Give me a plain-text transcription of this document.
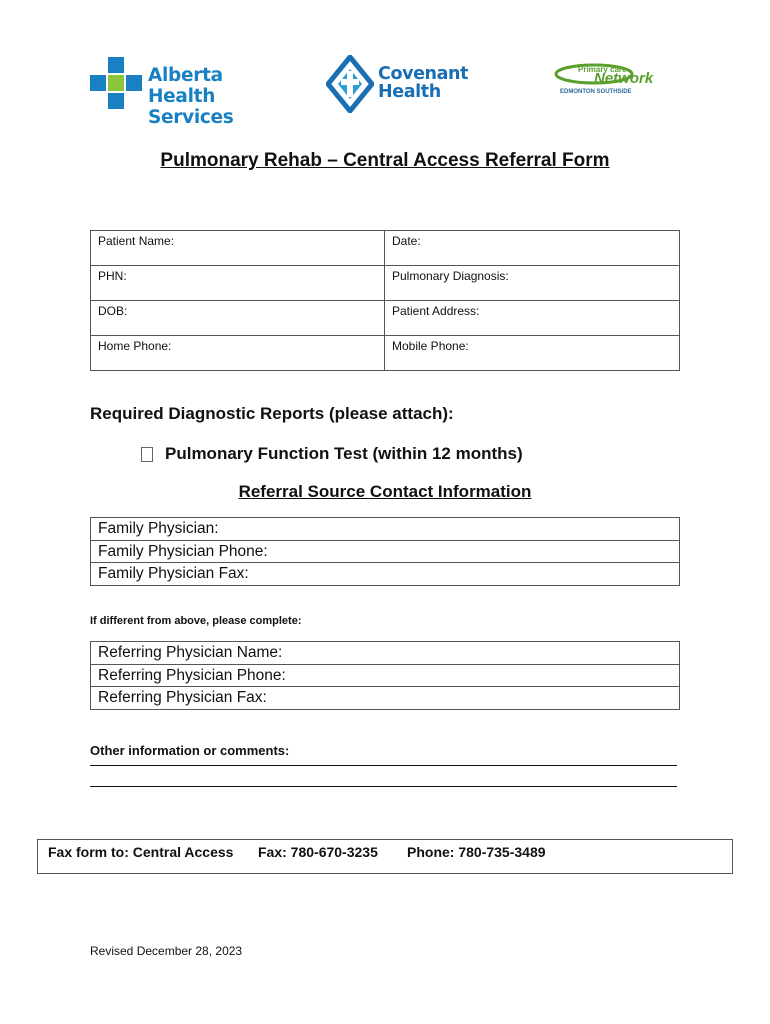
Alberta Health
Services
Covenant
Health
Primary care
Network
EDMONTON SOUTHSIDE
Pulmonary Rehab – Central Access Referral Form
Patient Name:	Date:
PHN:	Pulmonary Diagnosis:
DOB:	Patient Address:
Home Phone:	Mobile Phone:
Required Diagnostic Reports (please attach):
Pulmonary Function Test (within 12 months)
Referral Source Contact Information
Family Physician:
Family Physician Phone:
Family Physician Fax:
If different from above, please complete:
Referring Physician Name:
Referring Physician Phone:
Referring Physician Fax:
Other information or comments:
Fax form to: Central Access Fax: 780-670-3235 Phone: 780-735-3489
Revised December 28, 2023
